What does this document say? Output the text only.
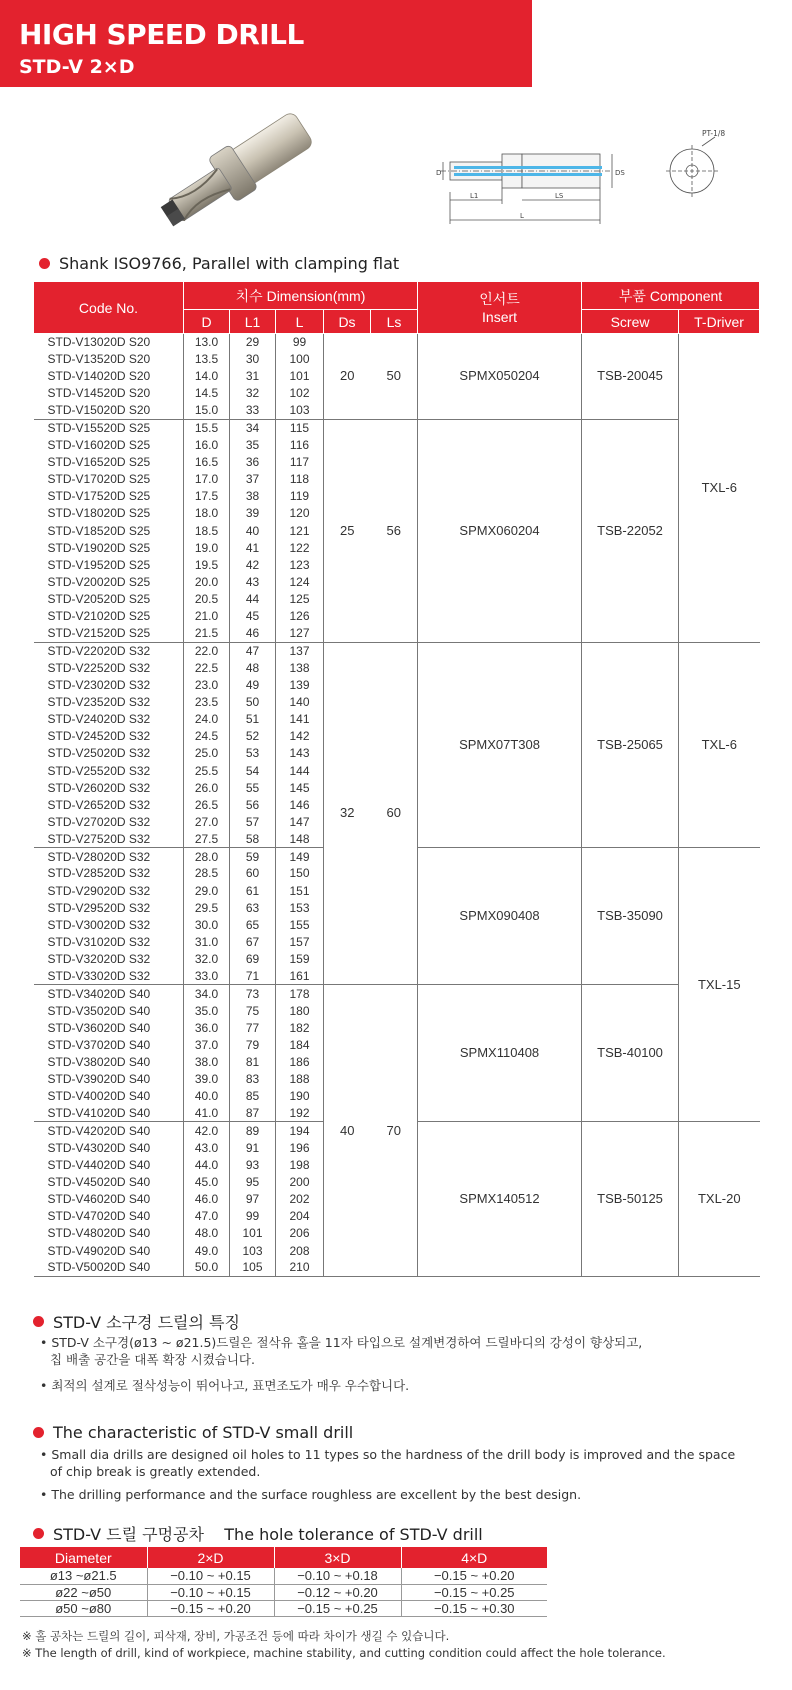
HIGH SPEED DRILL
STD-V 2×D
D	DS
L1	LS
L
PT-1/8
Shank ISO9766, Parallel with clamping flat
Code No.	치수 Dimension(mm)					인서트
Insert	부품 Component	
	D	L1	L	Ds	Ls		Screw	T-Driver
STD-V13020D S20	13.0	29	99	20	50	SPMX050204	TSB-20045	TXL-6
STD-V13520D S20	13.5	30	100					
STD-V14020D S20	14.0	31	101					
STD-V14520D S20	14.5	32	102					
STD-V15020D S20	15.0	33	103					
STD-V15520D S25	15.5	34	115	25	56	SPMX060204	TSB-22052	
STD-V16020D S25	16.0	35	116					
STD-V16520D S25	16.5	36	117					
STD-V17020D S25	17.0	37	118					
STD-V17520D S25	17.5	38	119					
STD-V18020D S25	18.0	39	120					
STD-V18520D S25	18.5	40	121					
STD-V19020D S25	19.0	41	122					
STD-V19520D S25	19.5	42	123					
STD-V20020D S25	20.0	43	124					
STD-V20520D S25	20.5	44	125					
STD-V21020D S25	21.0	45	126					
STD-V21520D S25	21.5	46	127					
STD-V22020D S32	22.0	47	137	32	60	SPMX07T308	TSB-25065	TXL-6
STD-V22520D S32	22.5	48	138					
STD-V23020D S32	23.0	49	139					
STD-V23520D S32	23.5	50	140					
STD-V24020D S32	24.0	51	141					
STD-V24520D S32	24.5	52	142					
STD-V25020D S32	25.0	53	143					
STD-V25520D S32	25.5	54	144					
STD-V26020D S32	26.0	55	145					
STD-V26520D S32	26.5	56	146					
STD-V27020D S32	27.0	57	147					
STD-V27520D S32	27.5	58	148					
STD-V28020D S32	28.0	59	149			SPMX090408	TSB-35090	TXL-15
STD-V28520D S32	28.5	60	150					
STD-V29020D S32	29.0	61	151					
STD-V29520D S32	29.5	63	153					
STD-V30020D S32	30.0	65	155					
STD-V31020D S32	31.0	67	157					
STD-V32020D S32	32.0	69	159					
STD-V33020D S32	33.0	71	161					
STD-V34020D S40	34.0	73	178	40	70	SPMX110408	TSB-40100	
STD-V35020D S40	35.0	75	180					
STD-V36020D S40	36.0	77	182					
STD-V37020D S40	37.0	79	184					
STD-V38020D S40	38.0	81	186					
STD-V39020D S40	39.0	83	188					
STD-V40020D S40	40.0	85	190					
STD-V41020D S40	41.0	87	192					
STD-V42020D S40	42.0	89	194			SPMX140512	TSB-50125	TXL-20
STD-V43020D S40	43.0	91	196					
STD-V44020D S40	44.0	93	198					
STD-V45020D S40	45.0	95	200					
STD-V46020D S40	46.0	97	202					
STD-V47020D S40	47.0	99	204					
STD-V48020D S40	48.0	101	206					
STD-V49020D S40	49.0	103	208					
STD-V50020D S40	50.0	105	210					
STD-V 소구경 드릴의 특징
• STD-V 소구경(ø13 ~ ø21.5)드릴은 절삭유 홀을 11자 타입으로 설계변경하여 드릴바디의 강성이 향상되고,
칩 배출 공간을 대폭 확장 시켰습니다.
• 최적의 설계로 절삭성능이 뛰어나고, 표면조도가 매우 우수합니다.
The characteristic of STD-V small drill
• Small dia drills are designed oil holes to 11 types so the hardness of the drill body is improved and the space
of chip break is greatly extended.
• The drilling performance and the surface roughless are excellent by the best design.
STD-V 드릴 구멍공차    The hole tolerance of STD-V drill
Diameter	2×D	3×D	4×D
ø13 ~ø21.5	−0.10 ~ +0.15	−0.10 ~ +0.18	−0.15 ~ +0.20
ø22 ~ø50	−0.10 ~ +0.15	−0.12 ~ +0.20	−0.15 ~ +0.25
ø50 ~ø80	−0.15 ~ +0.20	−0.15 ~ +0.25	−0.15 ~ +0.30
※ 홀 공차는 드릴의 길이, 피삭재, 장비, 가공조건 등에 따라 차이가 생길 수 있습니다.
※ The length of drill, kind of workpiece, machine stability, and cutting condition could affect the hole tolerance.
